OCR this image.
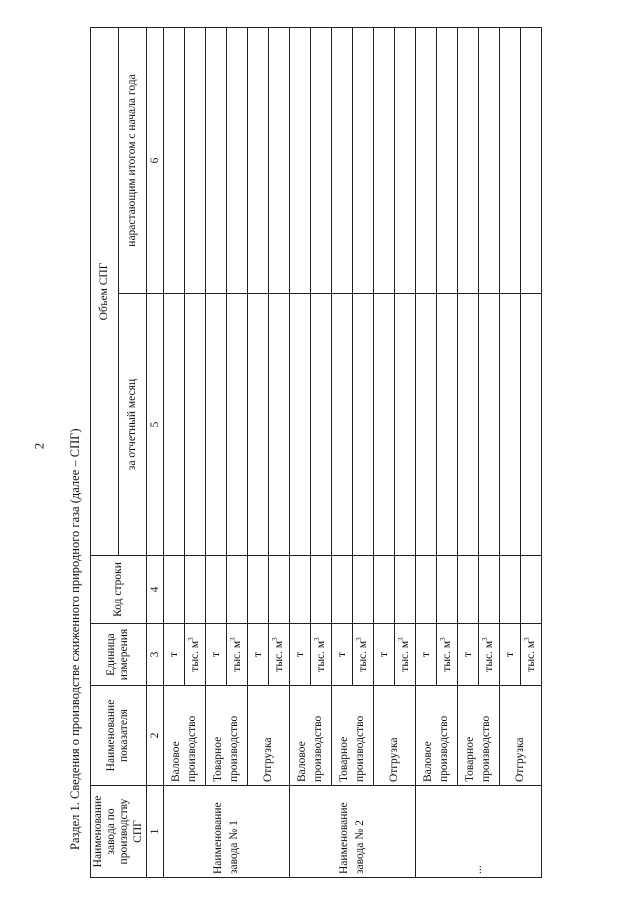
2	Раздел 1. Сведения о производстве сжиженного природного газа (далее – СПГ) Наименование завода по производству СПГ	Наименование показателя	Единица измерения	Код строки	Объем СПГ	
				за отчетный месяц	нарастающим итогом с начала года
1	2	3	4	5	6
Наименование завода № 1	Валовое производство	т			
		тыс. $м^3$			
	Товарное производство	т			
		тыс. $м^3$			
	Отгрузка	т			
		тыс. $м^3$			
Наименование завода № 2	Валовое производство	т			
		тыс. $м^3$			
	Товарное производство	т			
		тыс. $м^3$			
	Отгрузка	т			
		тыс. $м^3$			
...	Валовое производство	т			
		тыс. $м^3$			
	Товарное производство	т			
		тыс. $м^3$			
	Отгрузка	т			
		тыс. $м^3$			
